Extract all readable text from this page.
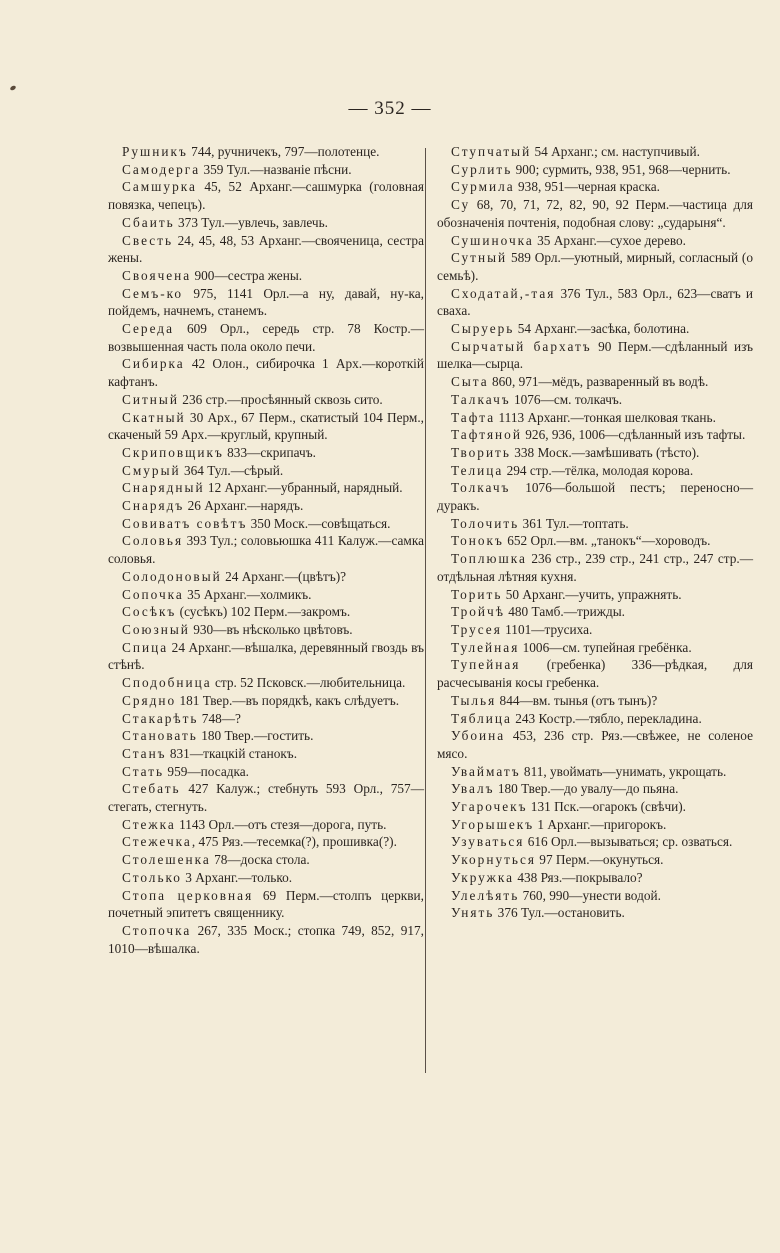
— 352 —

Рушникъ 744, ручничекъ, 797—полотенце.

Самодерга 359 Тул.—названіе пѣсни.

Самшурка 45, 52 Арханг.—сашмурка (головная повязка, чепецъ).

Сбаить 373 Тул.—увлечь, завлечь.

Свесть 24, 45, 48, 53 Арханг.—свояченица, сестра жены.

Своячена 900—сестра жены.

Семъ-ко 975, 1141 Орл.—а ну, давай, ну-ка, пойдемъ, начнемъ, станемъ.

Середа 609 Орл., середь стр. 78 Костр.—возвышенная часть пола около печи.

Сибирка 42 Олон., сибирочка 1 Арх.—короткій кафтанъ.

Ситный 236 стр.—просѣянный сквозь сито.

Скатный 30 Арх., 67 Перм., скатистый 104 Перм., скаченый 59 Арх.—круглый, крупный.

Скриповщикъ 833—скрипачъ.

Смурый 364 Тул.—сѣрый.

Снарядный 12 Арханг.—убранный, нарядный.

Снарядъ 26 Арханг.—нарядъ.

Совиватъ совѣтъ 350 Моск.—совѣщаться.

Соловья 393 Тул.; соловьюшка 411 Калуж.—самка соловья.

Солодоновый 24 Арханг.—(цвѣтъ)?

Сопочка 35 Арханг.—холмикъ.

Сосѣкъ (сусѣкъ) 102 Перм.—закромъ.

Союзный 930—въ нѣсколько цвѣтовъ.

Спица 24 Арханг.—вѣшалка, деревянный гвоздь въ стѣнѣ.

Сподобница стр. 52 Псковск.—любительница.

Срядно 181 Твер.—въ порядкѣ, какъ слѣдуетъ.

Стакарѣть 748—?

Становать 180 Твер.—гостить.

Станъ 831—ткацкій станокъ.

Стать 959—посадка.

Стебать 427 Калуж.; стебнуть 593 Орл., 757—стегать, стегнуть.

Стежка 1143 Орл.—отъ стезя—дорога, путь.

Стежечка, 475 Ряз.—тесемка(?), прошивка(?).

Столешенка 78—доска стола.

Столько 3 Арханг.—только.

Стопа церковная 69 Перм.—столпъ церкви, почетный эпитетъ священнику.

Стопочка 267, 335 Моск.; стопка 749, 852, 917, 1010—вѣшалка.

Ступчатый 54 Арханг.; см. наступчивый.

Сурлить 900; сурмить, 938, 951, 968—чернить.

Сурмила 938, 951—черная краска.

Су 68, 70, 71, 72, 82, 90, 92 Перм.—частица для обозначенія почтенія, подобная слову: „сударыня“.

Сушиночка 35 Арханг.—сухое дерево.

Сутный 589 Орл.—уютный, мирный, согласный (о семьѣ).

Сходатай,-тая 376 Тул., 583 Орл., 623—сватъ и сваха.

Сыруерь 54 Арханг.—засѣка, болотина.

Сырчатый бархатъ 90 Перм.—сдѣланный изъ шелка—сырца.

Сыта 860, 971—мёдъ, разваренный въ водѣ.

Талкачъ 1076—см. толкачъ.

Тафта 1113 Арханг.—тонкая шелковая ткань.

Тафтяной 926, 936, 1006—сдѣланный изъ тафты.

Творить 338 Моск.—замѣшивать (тѣсто).

Телица 294 стр.—тёлка, молодая корова.

Толкачъ 1076—большой пестъ; переносно—дуракъ.

Толочить 361 Тул.—топтать.

Тонокъ 652 Орл.—вм. „танокъ“—хороводъ.

Топлюшка 236 стр., 239 стр., 241 стр., 247 стр.—отдѣльная лѣтняя кухня.

Торить 50 Арханг.—учить, упражнять.

Тройчѣ 480 Тамб.—трижды.

Трусея 1101—трусиха.

Тулейная 1006—см. тупейная гребёнка.

Тупейная (гребенка) 336—рѣдкая, для расчесыванія косы гребенка.

Тылья 844—вм. тынья (отъ тынъ)?

Тяблица 243 Костр.—тябло, перекладина.

Убоина 453, 236 стр. Ряз.—свѣжее, не соленое мясо.

Увайматъ 811, увоймать—унимать, укрощать.

Увалъ 180 Твер.—до увалу—до пьяна.

Угарочекъ 131 Пск.—огарокъ (свѣчи).

Угорышекъ 1 Арханг.—пригорокъ.

Узуваться 616 Орл.—вызываться; ср. озваться.

Укорнуться 97 Перм.—окунуться.

Укружка 438 Ряз.—покрывало?

Улелѣять 760, 990—унести водой.

Унять 376 Тул.—остановить.
